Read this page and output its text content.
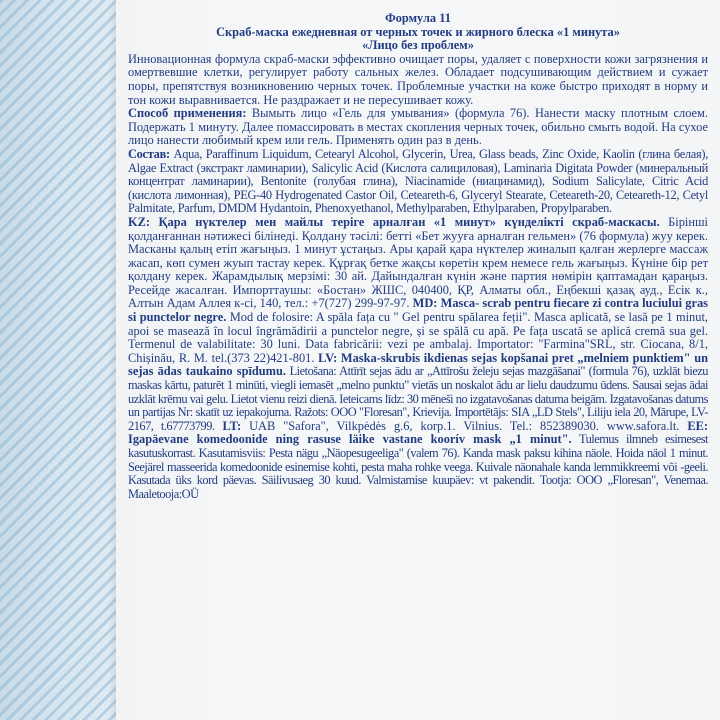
Формула 11
Скраб-маска ежедневная от черных точек и жирного блеска «1 минута»
«Лицо без проблем»

Инновационная формула скраб-маски эффективно очищает поры, удаляет с поверхности кожи загрязнения и омертвевшие клетки, регулирует работу сальных желез. Обладает подсушивающим действием и сужает поры, препятствуя возникновению черных точек. Проблемные участки на коже быстро приходят в норму и тон кожи выравнивается. Не раздражает и не пересушивает кожу.

Способ применения: Вымыть лицо «Гель для умывания» (формула 76). Нанести маску плотным слоем. Подержать 1 минуту. Далее помассировать в местах скопления черных точек, обильно смыть водой. На сухое лицо нанести любимый крем или гель. Применять один раз в день.

Состав: Aqua, Paraffinum Liquidum, Cetearyl Alcohol, Glycerin, Urea, Glass beads, Zinc Oxide, Kaolin (глина белая), Algae Extract (экстракт ламинарии), Salicylic Acid (Кислота салициловая), Laminaria Digitata Powder (минеральный концентрат ламинарии), Bentonite (голубая глина), Niacinamide (ниацинамид), Sodium Salicylate, Citric Acid (кислота лимонная), PEG-40 Hydrogenated Castor Oil, Ceteareth-6, Glyceryl Stearate, Ceteareth-20, Ceteareth-12, Cetyl Palmitate, Parfum, DMDM Hydantoin, Phenoxyethanol, Methylparaben, Ethylparaben, Propylparaben.

KZ: Қара нүктелер мен майлы теріге арналған «1 минут» күнделікті скраб-маскасы. Бірінші қолданғаннан нәтижесі білінеді. Қолдану тәсілі: бетті «Бет жууға арналған гельмен» (76 формула) жуу керек. Масканы қалың етіп жағыңыз. 1 минут ұстаңыз. Ары қарай қара нүктелер жиналып қалған жерлерге массаж жасап, көп сумен жуып тастау керек. Құрғақ бетке жақсы көретін крем немесе гель жағыңыз. Күніне бір рет қолдану керек. Жарамдылық мерзімі: 30 ай. Дайындалған күнін және партия нөмірін қаптамадан қараңыз. Ресейде жасалған. Импорттаушы: «Бостан» ЖШС, 040400, ҚР, Алматы обл., Еңбекші қазақ ауд., Есік к., Алтын Адам Аллея к-сі, 140, тел.: +7(727) 299-97-97. MD: Masca- scrab pentru fiecare zi contra luciului gras si punctelor negre. Mod de folosire: A spăla fața cu " Gel pentru spălarea feții". Masca aplicată, se lasă pe 1 minut, apoi se masează în locul îngrămădirii a punctelor negre, și se spălă cu apă. Pe fața uscată se aplică cremă sua gel. Termenul de valabilitate: 30 luni. Data fabricării: vezi pe ambalaj. Importator: "Farmina"SRL, str. Ciocana, 8/1, Chișinău, R. M. tel.(373 22)421-801. LV: Maska-skrubis ikdienas sejas kopšanai pret „melniem punktiem" un sejas ādas taukaino spīdumu. Lietošana: Attīrīt sejas ādu ar „Attīrošu želeju sejas mazgāšanai" (formula 76), uzklāt biezu maskas kārtu, paturēt 1 minūti, viegli iemasēt „melno punktu" vietās un noskalot ādu ar lielu daudzumu ūdens. Sausai sejas ādai uzklāt krēmu vai gelu. Lietot vienu reizi dienā. Ieteicams līdz: 30 mēneši no izgatavošanas datuma beigām. Izgatavošanas datums un partijas Nr: skatīt uz iepakojuma. Ražots: OOO "Floresan", Krievija. Importētājs: SIA „LD Stels", Liliju iela 20, Mārupe, LV-2167, t.67773799. LT: UAB "Safora", Vilkpėdės g.6, korp.1. Vilnius. Tel.: 852389030. www.safora.lt. EE: Igapäevane komedoonide ning rasuse läike vastane koorív mask „1 minut". Tulemus ilmneb esimesest kasutuskorrast. Kasutamisviis: Pesta nägu „Näopesugeeliga" (valem 76). Kanda mask paksu kihina näole. Hoida näol 1 minut. Seejärel masseerida komedoonide esinemise kohti, pesta maha rohke veega. Kuivale näonahale kanda lemmikkreemi või -geeli. Kasutada üks kord päevas. Säilivusaeg 30 kuud. Valmistamise kuupäev: vt pakendit. Tootja: OOO „Floresan", Venemaa. Maaletooja:OÜ
